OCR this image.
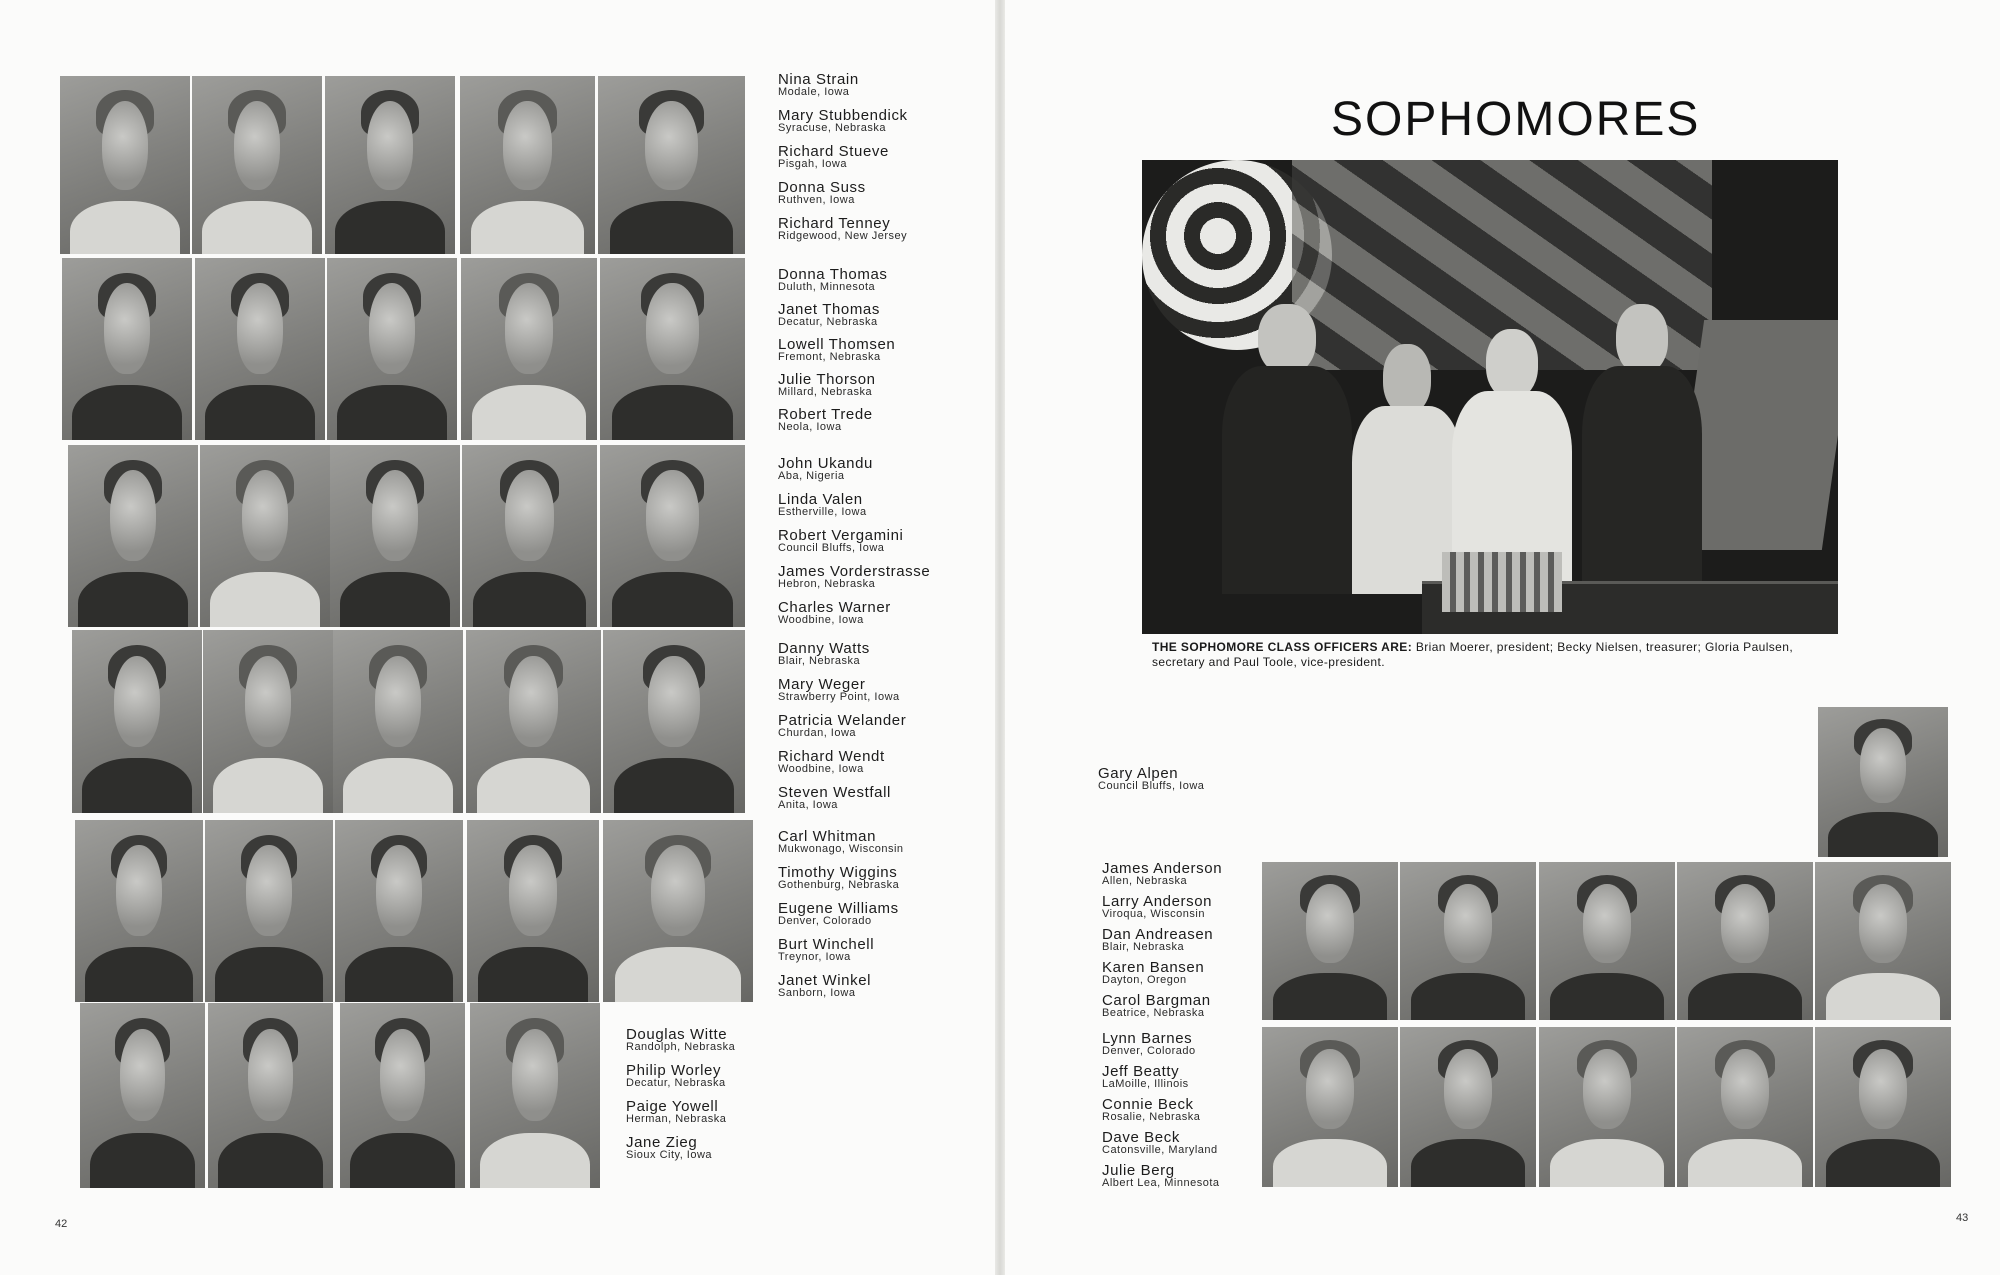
Nina Strain
Modale, Iowa
Mary Stubbendick
Syracuse, Nebraska
Richard Stueve
Pisgah, Iowa
Donna Suss
Ruthven, Iowa
Richard Tenney
Ridgewood, New Jersey
Donna Thomas
Duluth, Minnesota
Janet Thomas
Decatur, Nebraska
Lowell Thomsen
Fremont, Nebraska
Julie Thorson
Millard, Nebraska
Robert Trede
Neola, Iowa
John Ukandu
Aba, Nigeria
Linda Valen
Estherville, Iowa
Robert Vergamini
Council Bluffs, Iowa
James Vorderstrasse
Hebron, Nebraska
Charles Warner
Woodbine, Iowa
Danny Watts
Blair, Nebraska
Mary Weger
Strawberry Point, Iowa
Patricia Welander
Churdan, Iowa
Richard Wendt
Woodbine, Iowa
Steven Westfall
Anita, Iowa
Carl Whitman
Mukwonago, Wisconsin
Timothy Wiggins
Gothenburg, Nebraska
Eugene Williams
Denver, Colorado
Burt Winchell
Treynor, Iowa
Janet Winkel
Sanborn, Iowa
Douglas Witte
Randolph, Nebraska
Philip Worley
Decatur, Nebraska
Paige Yowell
Herman, Nebraska
Jane Zieg
Sioux City, Iowa
42
SOPHOMORES
THE SOPHOMORE CLASS OFFICERS ARE: Brian Moerer, president; Becky Nielsen, treasurer; Gloria Paulsen, secretary and Paul Toole, vice-president.
Gary Alpen
Council Bluffs, Iowa
James Anderson
Allen, Nebraska
Larry Anderson
Viroqua, Wisconsin
Dan Andreasen
Blair, Nebraska
Karen Bansen
Dayton, Oregon
Carol Bargman
Beatrice, Nebraska
Lynn Barnes
Denver, Colorado
Jeff Beatty
LaMoille, Illinois
Connie Beck
Rosalie, Nebraska
Dave Beck
Catonsville, Maryland
Julie Berg
Albert Lea, Minnesota
43
